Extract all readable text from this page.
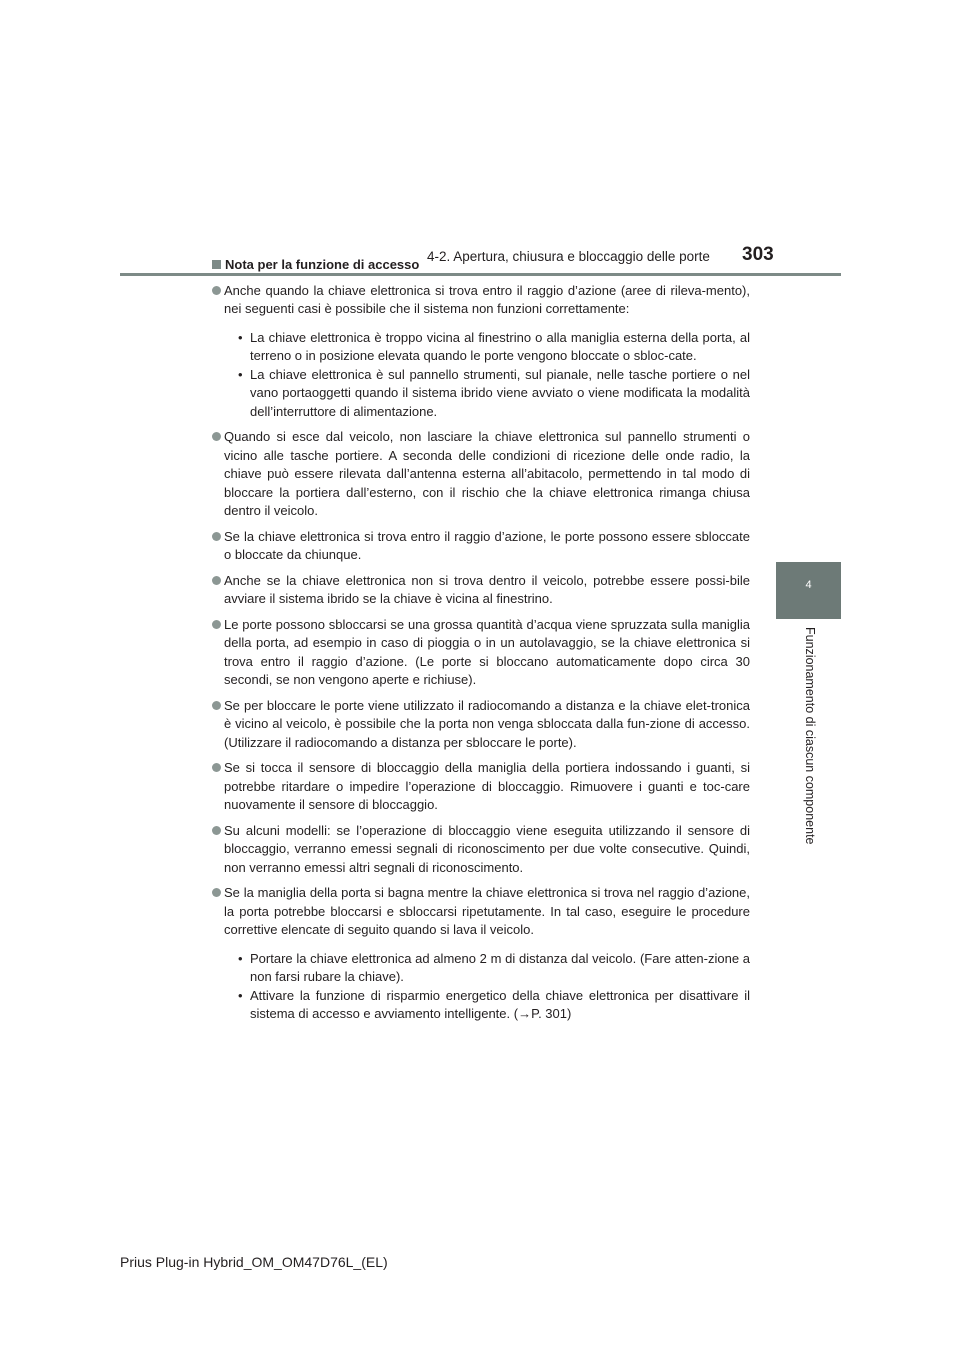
4-2. Apertura, chiusura e bloccaggio delle porte 303
4
Funzionamento di ciascun componente
Nota per la funzione di accesso
Anche quando la chiave elettronica si trova entro il raggio d’azione (aree di rileva-mento), nei seguenti casi è possibile che il sistema non funzioni correttamente:
• La chiave elettronica è troppo vicina al finestrino o alla maniglia esterna della porta, al terreno o in posizione elevata quando le porte vengono bloccate o sbloc-cate.
• La chiave elettronica è sul pannello strumenti, sul pianale, nelle tasche portiere o nel vano portaoggetti quando il sistema ibrido viene avviato o viene modificata la modalità dell’interruttore di alimentazione.
Quando si esce dal veicolo, non lasciare la chiave elettronica sul pannello strumenti o vicino alle tasche portiere. A seconda delle condizioni di ricezione delle onde radio, la chiave può essere rilevata dall’antenna esterna all’abitacolo, permettendo in tal modo di bloccare la portiera dall’esterno, con il rischio che la chiave elettronica rimanga chiusa dentro il veicolo.
Se la chiave elettronica si trova entro il raggio d’azione, le porte possono essere sbloccate o bloccate da chiunque.
Anche se la chiave elettronica non si trova dentro il veicolo, potrebbe essere possi-bile avviare il sistema ibrido se la chiave è vicina al finestrino.
Le porte possono sbloccarsi se una grossa quantità d’acqua viene spruzzata sulla maniglia della porta, ad esempio in caso di pioggia o in un autolavaggio, se la chiave elettronica si trova entro il raggio d’azione. (Le porte si bloccano automaticamente dopo circa 30 secondi, se non vengono aperte e richiuse).
Se per bloccare le porte viene utilizzato il radiocomando a distanza e la chiave elet-tronica è vicino al veicolo, è possibile che la porta non venga sbloccata dalla fun-zione di accesso. (Utilizzare il radiocomando a distanza per sbloccare le porte).
Se si tocca il sensore di bloccaggio della maniglia della portiera indossando i guanti, si potrebbe ritardare o impedire l’operazione di bloccaggio. Rimuovere i guanti e toc-care nuovamente il sensore di bloccaggio.
Su alcuni modelli: se l’operazione di bloccaggio viene eseguita utilizzando il sensore di bloccaggio, verranno emessi segnali di riconoscimento per due volte consecutive. Quindi, non verranno emessi altri segnali di riconoscimento.
Se la maniglia della porta si bagna mentre la chiave elettronica si trova nel raggio d’azione, la porta potrebbe bloccarsi e sbloccarsi ripetutamente. In tal caso, eseguire le procedure correttive elencate di seguito quando si lava il veicolo.
• Portare la chiave elettronica ad almeno 2 m di distanza dal veicolo. (Fare atten-zione a non farsi rubare la chiave).
• Attivare la funzione di risparmio energetico della chiave elettronica per disattivare il sistema di accesso e avviamento intelligente. (→P. 301)
Prius Plug-in Hybrid_OM_OM47D76L_(EL)
